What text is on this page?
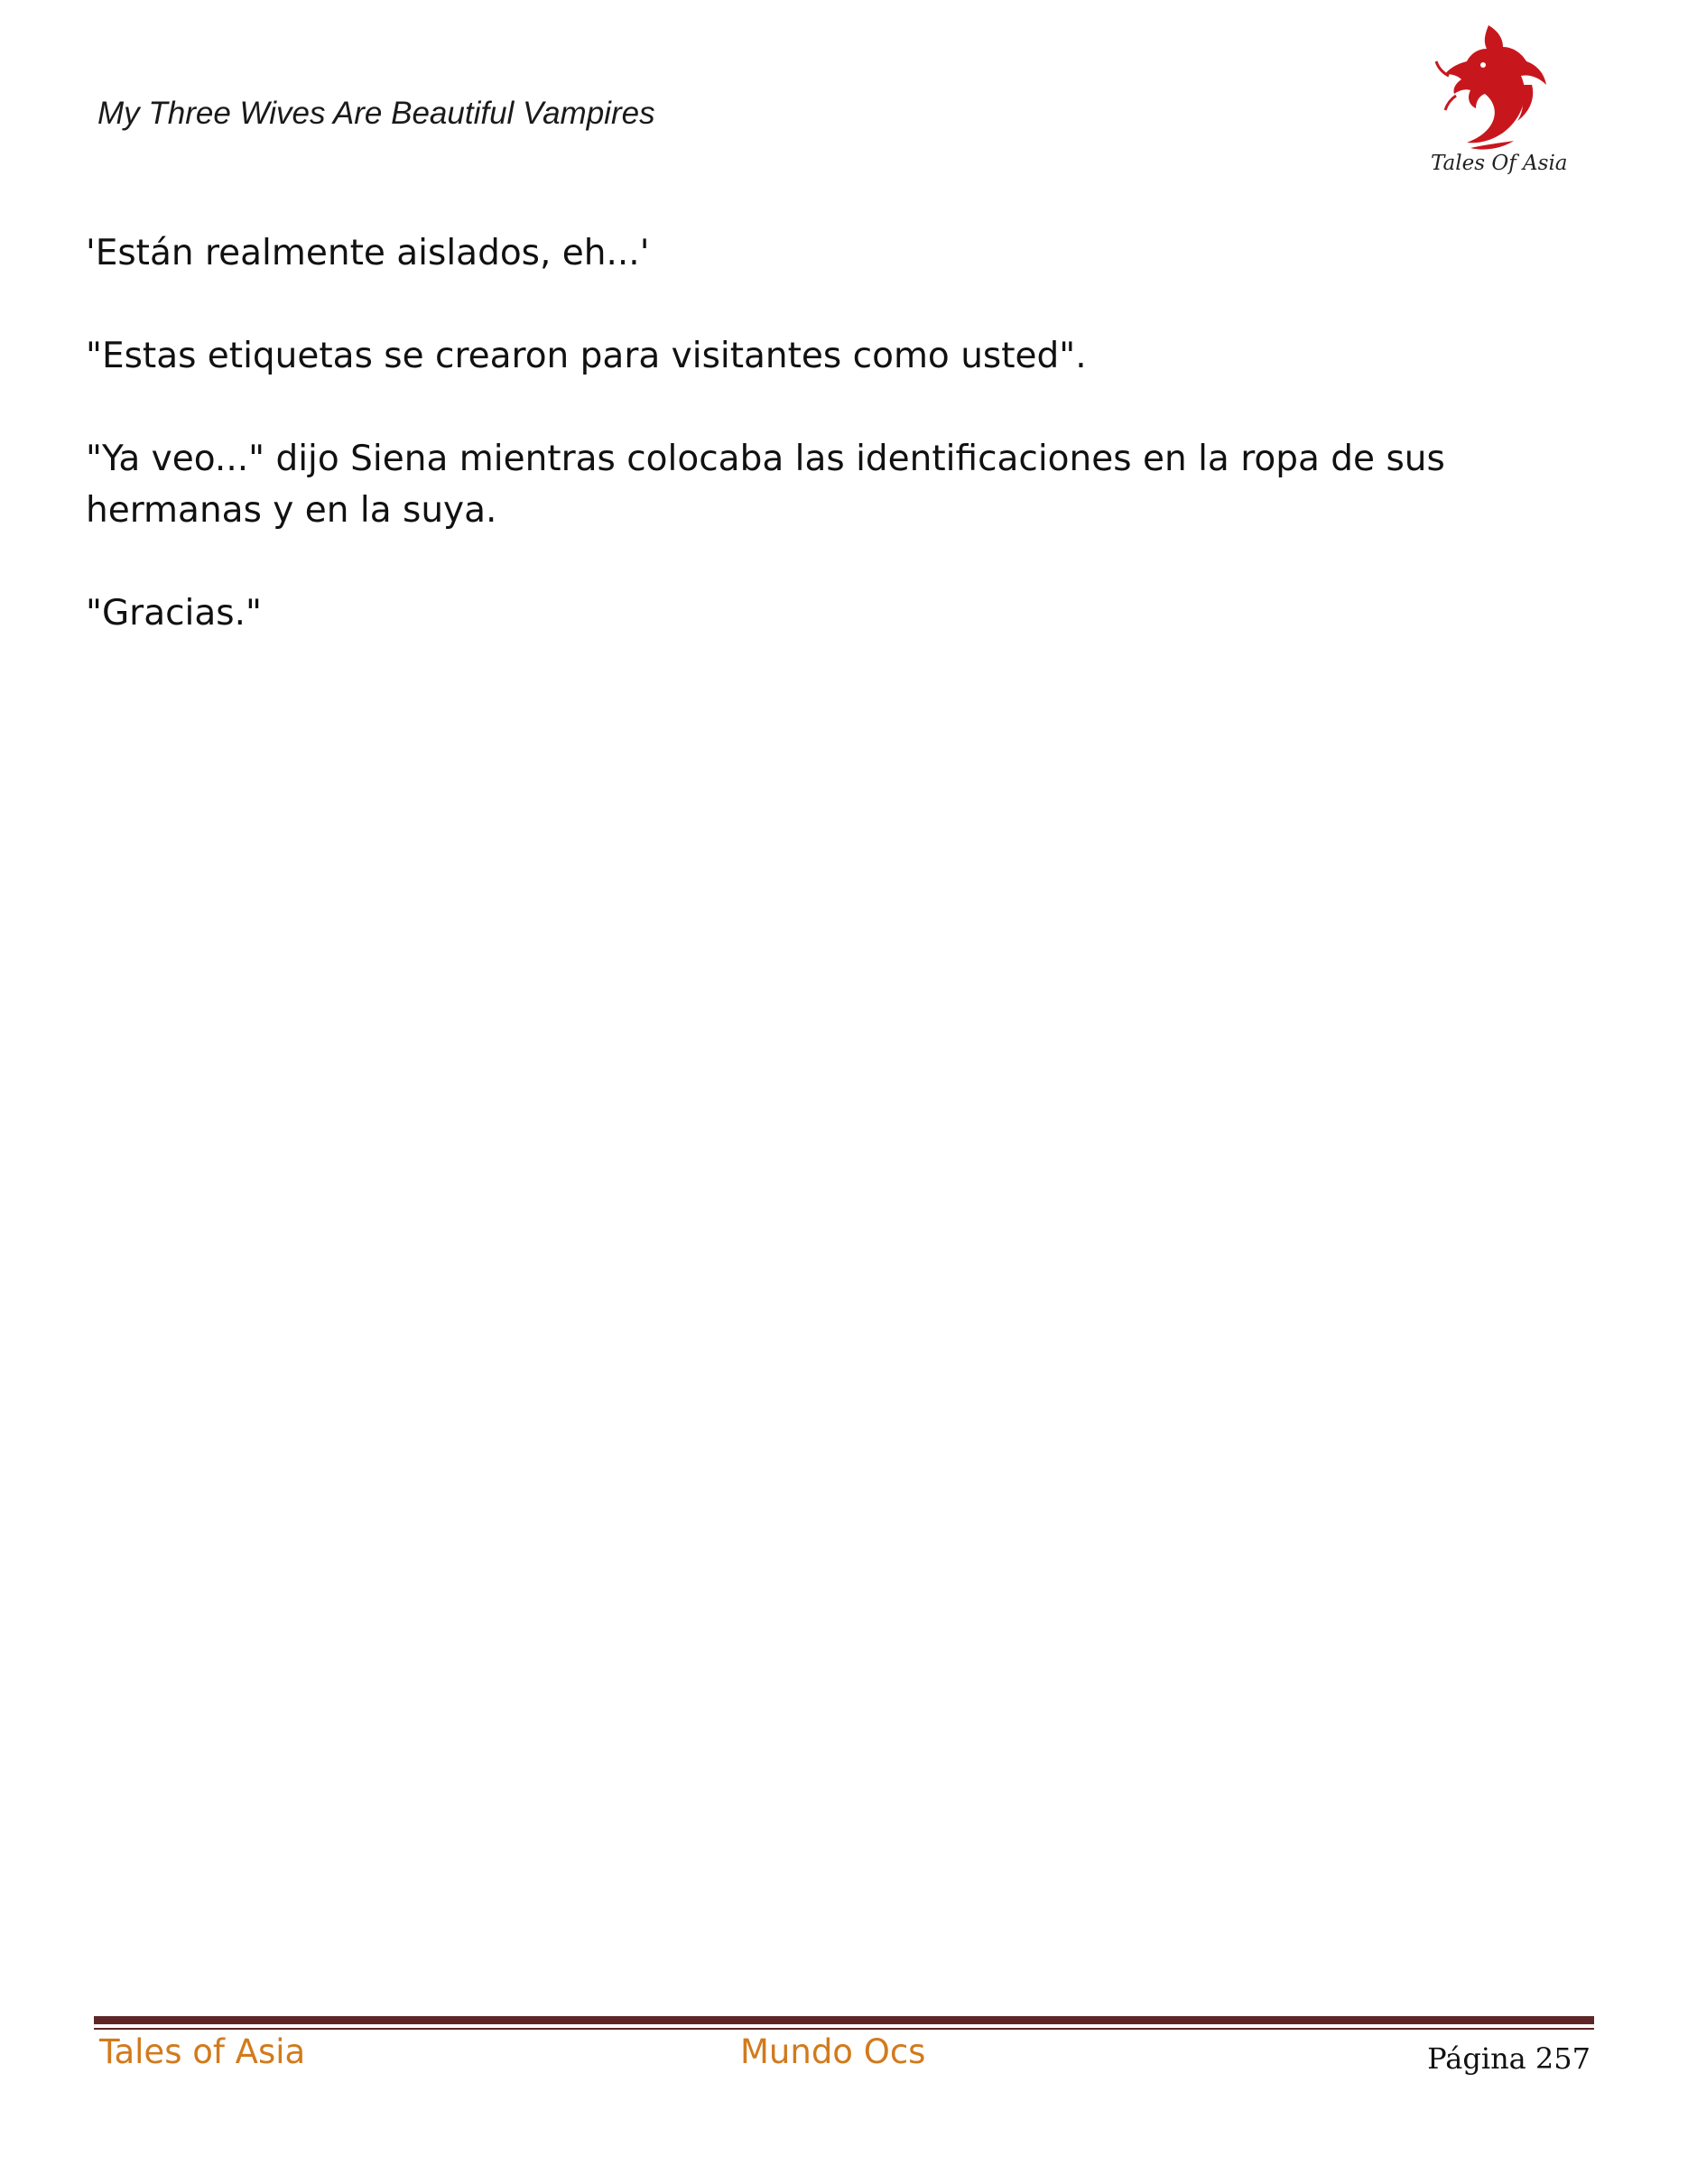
My Three Wives Are Beautiful Vampires
Tales Of Asia

'Están realmente aislados, eh...'

"Estas etiquetas se crearon para visitantes como usted".

"Ya veo..." dijo Siena mientras colocaba las identificaciones en la ropa de sus hermanas y en la suya.

"Gracias."

Tales of Asia	Mundo Ocs	Página 257
